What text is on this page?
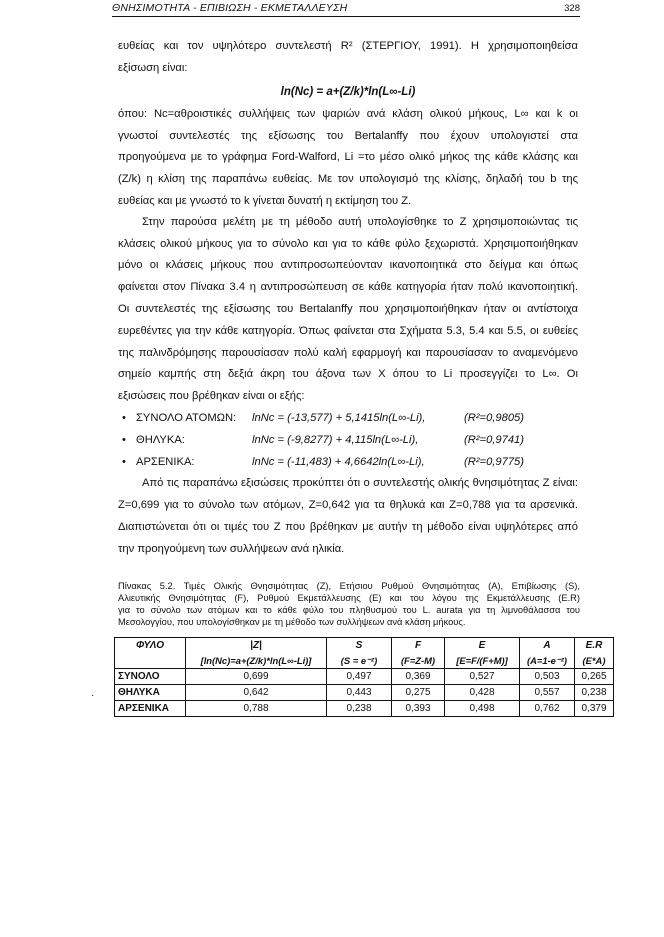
ΘΝΗΣΙΜΟΤΗΤΑ - ΕΠΙΒΙΩΣΗ - ΕΚΜΕΤΑΛΛΕΥΣΗ	328
ευθείας και τον υψηλότερο συντελεστή R² (ΣΤΕΡΓΙΟΥ, 1991). Η χρησιμοποιηθείσα
εξίσωση είναι:
ln(Nc) = a+(Z/k)*ln(L∞-Li)
όπου: Nc=αθροιστικές συλλήψεις των ψαριών ανά κλάση ολικού μήκους, L∞ και k οι
γνωστοί συντελεστές της εξίσωσης του Bertalanffy που έχουν υπολογιστεί στα
προηγούμενα με το γράφημα Ford-Walford, Li =το μέσο ολικό μήκος της κάθε κλάσης και
(Z/k) η κλίση της παραπάνω ευθείας. Με τον υπολογισμό της κλίσης, δηλαδή του b της
ευθείας και με γνωστό το k γίνεται δυνατή η εκτίμηση του Z.
Στην παρούσα μελέτη με τη μέθοδο αυτή υπολογίσθηκε το Z χρησιμοποιώντας τις
κλάσεις ολικού μήκους για το σύνολο και για το κάθε φύλο ξεχωριστά. Χρησιμοποιήθηκαν
μόνο οι κλάσεις μήκους που αντιπροσωπεύονταν ικανοποιητικά στο δείγμα και όπως
φαίνεται στον Πίνακα 3.4 η αντιπροσώπευση σε κάθε κατηγορία ήταν πολύ ικανοποιητική.
Οι συντελεστές της εξίσωσης του Bertalanffy που χρησιμοποιήθηκαν ήταν οι αντίστοιχα
ευρεθέντες για την κάθε κατηγορία. Όπως φαίνεται στα Σχήματα 5.3, 5.4 και 5.5, οι ευθείες
της παλινδρόμησης παρουσίασαν πολύ καλή εφαρμογή και παρουσίασαν το αναμενόμενο
σημείο καμπής στη δεξιά άκρη του άξονα των X όπου το Li προσεγγίζει το L∞. Οι
εξισώσεις που βρέθηκαν είναι οι εξής:
• ΣΥΝΟΛΟ ΑΤΟΜΩΝ: lnNc = (-13,577) + 5,1415ln(L∞-Li),	(R²=0,9805)
• ΘΗΛΥΚΑ:	lnNc = (-9,8277) + 4,115ln(L∞-Li),	(R²=0,9741)
• ΑΡΣΕΝΙΚΑ:	lnNc = (-11,483) + 4,6642ln(L∞-Li),	(R²=0,9775)
Από τις παραπάνω εξισώσεις προκύπτει ότι ο συντελεστής ολικής θνησιμότητας Z είναι:
Z=0,699 για το σύνολο των ατόμων, Z=0,642 για τα θηλυκά και Z=0,788 για τα αρσενικά.
Διαπιστώνεται ότι οι τιμές του Z που βρέθηκαν με αυτήν τη μέθοδο είναι υψηλότερες από
την προηγούμενη των συλλήψεων ανά ηλικία.
Πίνακας 5.2. Τιμές Ολικής Θνησιμότητας (Z), Ετήσιου Ρυθμού Θνησιμότητας (A), Επιβίωσης (S),
Αλιευτικής Θνησιμότητας (F), Ρυθμού Εκμετάλλευσης (E) και του λόγου της Εκμετάλλευσης (E.R)
για το σύνολο των ατόμων και το κάθε φύλο του πληθυσμού του L. aurata για τη λιμνοθάλασσα του
Μεσολογγίου, που υπολογίσθηκαν με τη μέθοδο των συλλήψεων ανά κλάση μήκους.
·
ΦΥΛΟ	|Z|	S	F	E	A	E.R
	[ln(Nc)=a+(Z/k)*ln(L∞-Li)]	(S = e⁻ᶻ)	(F=Z-M)	[E=F/(F+M)]	(A=1-e⁻ᶻ)	(E*A)
ΣΥΝΟΛΟ	0,699	0,497	0,369	0,527	0,503	0,265
ΘΗΛΥΚΑ	0,642	0,443	0,275	0,428	0,557	0,238
ΑΡΣΕΝΙΚΑ	0,788	0,238	0,393	0,498	0,762	0,379
